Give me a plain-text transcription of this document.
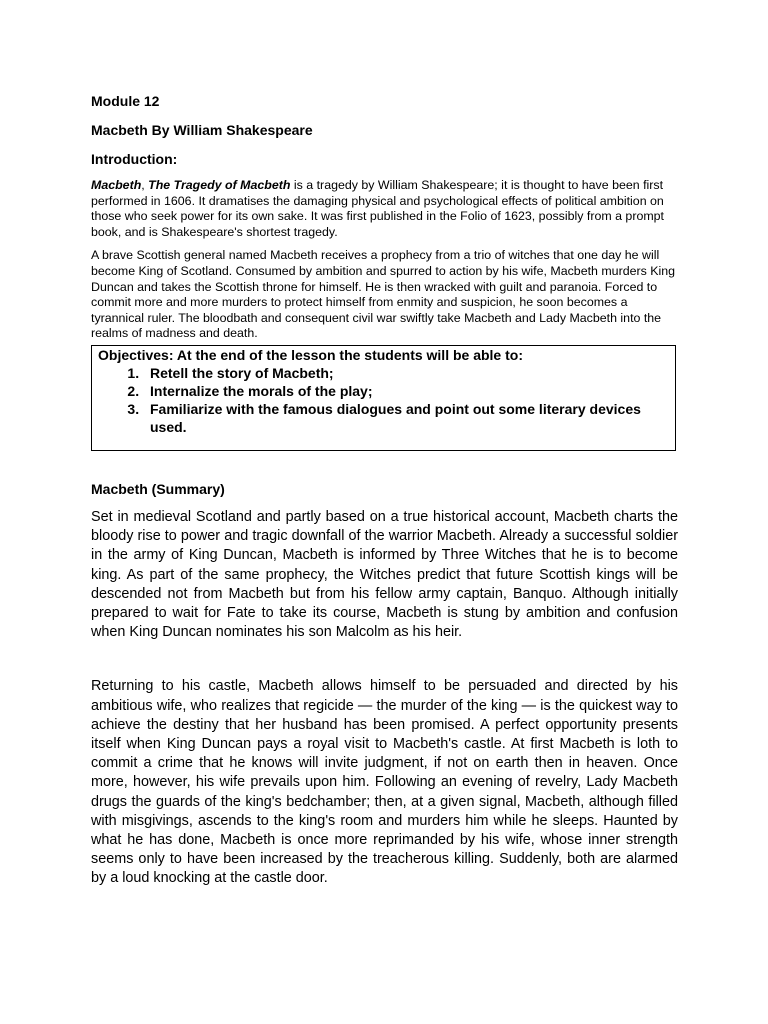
Module 12

Macbeth By William Shakespeare

Introduction:

Macbeth, The Tragedy of Macbeth is a tragedy by William Shakespeare; it is thought to have been first performed in 1606. It dramatises the damaging physical and psychological effects of political ambition on those who seek power for its own sake. It was first published in the Folio of 1623, possibly from a prompt book, and is Shakespeare's shortest tragedy.

A brave Scottish general named Macbeth receives a prophecy from a trio of witches that one day he will become King of Scotland. Consumed by ambition and spurred to action by his wife, Macbeth murders King Duncan and takes the Scottish throne for himself. He is then wracked with guilt and paranoia. Forced to commit more and more murders to protect himself from enmity and suspicion, he soon becomes a tyrannical ruler. The bloodbath and consequent civil war swiftly take Macbeth and Lady Macbeth into the realms of madness and death.

Objectives: At the end of the lesson the students will be able to:
1. Retell the story of Macbeth;
2. Internalize the morals of the play;
3. Familiarize with the famous dialogues and point out some literary devices used.

Macbeth (Summary)

Set in medieval Scotland and partly based on a true historical account, Macbeth charts the bloody rise to power and tragic downfall of the warrior Macbeth. Already a successful soldier in the army of King Duncan, Macbeth is informed by Three Witches that he is to become king. As part of the same prophecy, the Witches predict that future Scottish kings will be descended not from Macbeth but from his fellow army captain, Banquo. Although initially prepared to wait for Fate to take its course, Macbeth is stung by ambition and confusion when King Duncan nominates his son Malcolm as his heir.

Returning to his castle, Macbeth allows himself to be persuaded and directed by his ambitious wife, who realizes that regicide — the murder of the king — is the quickest way to achieve the destiny that her husband has been promised. A perfect opportunity presents itself when King Duncan pays a royal visit to Macbeth's castle. At first Macbeth is loth to commit a crime that he knows will invite judgment, if not on earth then in heaven. Once more, however, his wife prevails upon him. Following an evening of revelry, Lady Macbeth drugs the guards of the king's bedchamber; then, at a given signal, Macbeth, although filled with misgivings, ascends to the king's room and murders him while he sleeps. Haunted by what he has done, Macbeth is once more reprimanded by his wife, whose inner strength seems only to have been increased by the treacherous killing. Suddenly, both are alarmed by a loud knocking at the castle door.
